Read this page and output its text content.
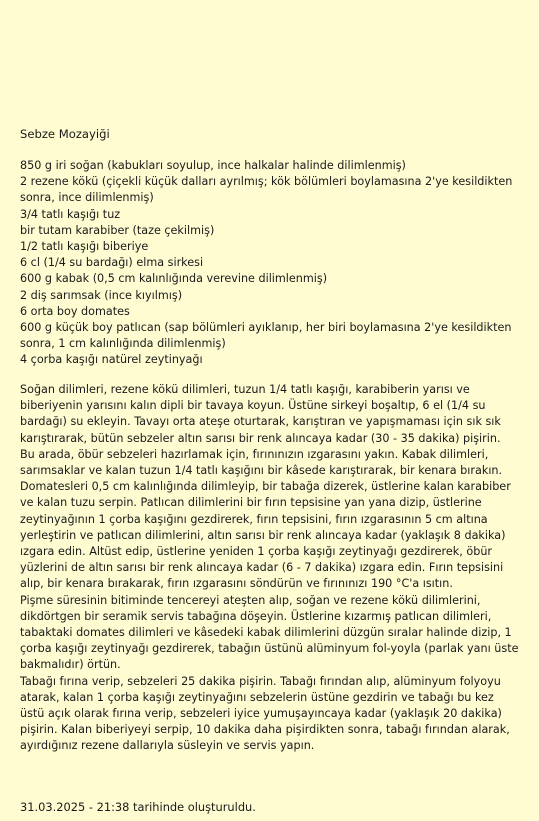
Sebze Mozayiği
850 g iri soğan (kabukları soyulup, ince halkalar halinde dilimlenmiş)
2 rezene kökü (çiçekli küçük dalları ayrılmış; kök bölümleri boylamasına 2'ye kesildikten sonra, ince dilimlenmiş)
3/4 tatlı kaşığı tuz
bir tutam karabiber (taze çekilmiş)
1/2 tatlı kaşığı biberiye
6 cl (1/4 su bardağı) elma sirkesi
600 g kabak (0,5 cm kalınlığında verevine dilimlenmiş)
2 diş sarımsak (ince kıyılmış)
6 orta boy domates
600 g küçük boy patlıcan (sap bölümleri ayıklanıp, her biri boylamasına 2'ye kesildikten sonra, 1 cm kalınlığında dilimlenmiş)
4 çorba kaşığı natürel zeytinyağı
Soğan dilimleri, rezene kökü dilimleri, tuzun 1/4 tatlı kaşığı, karabiberin yarısı ve biberiyenin yarısını kalın dipli bir tavaya koyun. Üstüne sirkeyi boşaltıp, 6 el (1/4 su bardağı) su ekleyin. Tavayı orta ateşe oturtarak, karıştıran ve yapışmaması için sık sık karıştırarak, bütün sebzeler altın sarısı bir renk alıncaya kadar (30 - 35 dakika) pişirin.
Bu arada, öbür sebzeleri hazırlamak için, fırınınızın ızgarasını yakın. Kabak dilimleri, sarımsaklar ve kalan tuzun 1/4 tatlı kaşığını bir kâsede karıştırarak, bir kenara bırakın. Domatesleri 0,5 cm kalınlığında dilimleyip, bir tabağa dizerek, üstlerine kalan karabiber ve kalan tuzu serpin. Patlıcan dilimlerini bir fırın tepsisine yan yana dizip, üstlerine zeytinyağının 1 çorba kaşığını gezdirerek, fırın tepsisini, fırın ızgarasının 5 cm altına yerleştirin ve patlıcan dilimlerini, altın sarısı bir renk alıncaya kadar (yaklaşık 8 dakika) ızgara edin. Altüst edip, üstlerine yeniden 1 çorba kaşığı zeytinyağı gezdirerek, öbür yüzlerini de altın sarısı bir renk alıncaya kadar (6 - 7 dakika) ızgara edin. Fırın tepsisini alıp, bir kenara bırakarak, fırın ızgarasını söndürün ve fırınınızı 190 °C'a ısıtın.
Pişme süresinin bitiminde tencereyi ateşten alıp, soğan ve rezene kökü dilimlerini, dikdörtgen bir seramik servis tabağına döşeyin. Üstlerine kızarmış patlıcan dilimleri, tabaktaki domates dilimleri ve kâsedeki kabak dilimlerini düzgün sıralar halinde dizip, 1 çorba kaşığı zeytinyağı gezdirerek, tabağın üstünü alüminyum fol-yoyla (parlak yanı üste bakmalıdır) örtün.
Tabağı fırına verip, sebzeleri 25 dakika pişirin. Tabağı fırından alıp, alüminyum folyoyu atarak, kalan 1 çorba kaşığı zeytinyağını sebzelerin üstüne gezdirin ve tabağı bu kez üstü açık olarak fırına verip, sebzeleri iyice yumuşayıncaya kadar (yaklaşık 20 dakika) pişirin. Kalan biberiyeyi serpip, 10 dakika daha pişirdikten sonra, tabağı fırından alarak, ayırdığınız rezene dallarıyla süsleyin ve servis yapın.
31.03.2025 - 21:38 tarihinde oluşturuldu.
